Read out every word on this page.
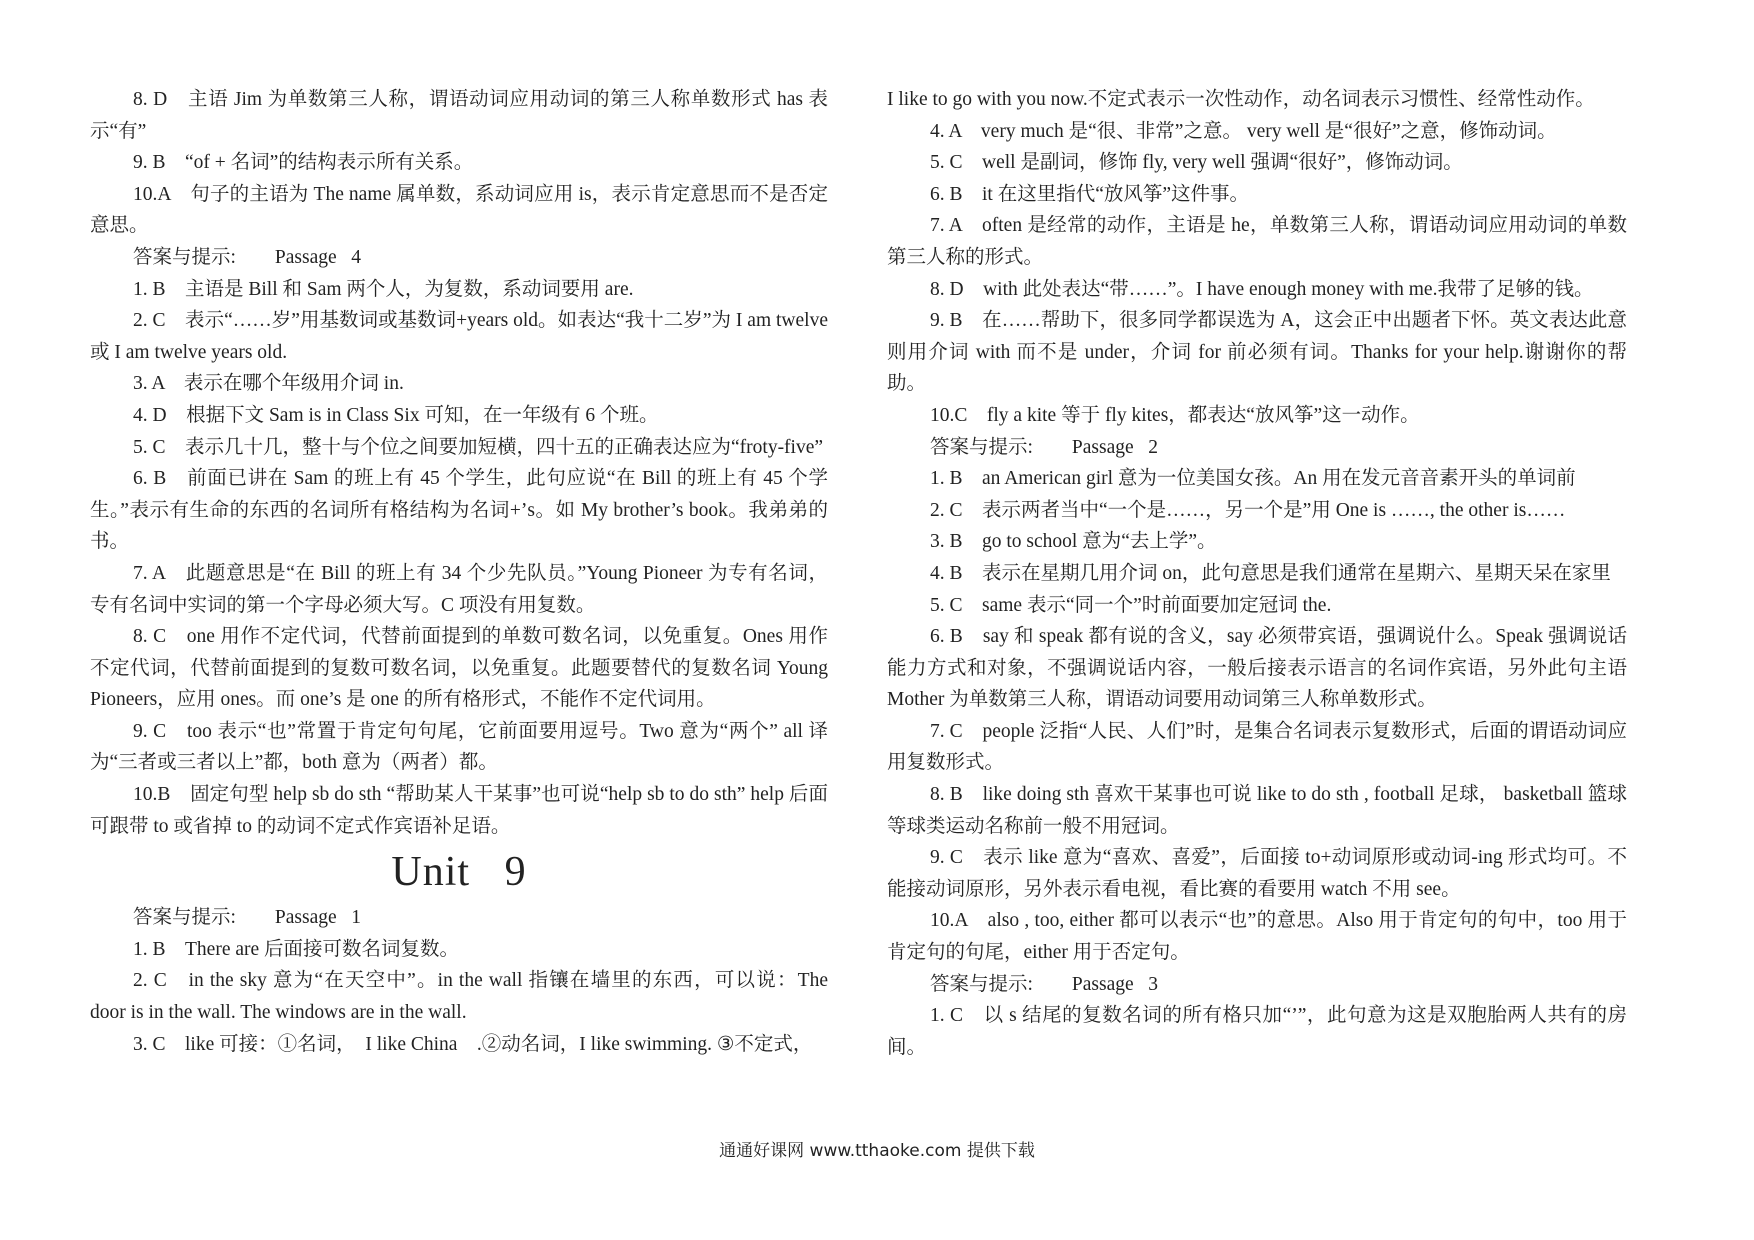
8. D　主语 Jim 为单数第三人称，谓语动词应用动词的第三人称单数形式 has 表示“有”

9. B　“of + 名词”的结构表示所有关系。

10.A　句子的主语为 The name 属单数，系动词应用 is，表示肯定意思而不是否定意思。

答案与提示:        Passage   4

1. B　主语是 Bill 和 Sam 两个人，为复数，系动词要用 are.

2. C　表示“……岁”用基数词或基数词+years old。如表达“我十二岁”为 I am twelve 或 I am twelve years old.

3. A　表示在哪个年级用介词 in.

4. D　根据下文 Sam is in Class Six 可知，在一年级有 6 个班。

5. C　表示几十几，整十与个位之间要加短横，四十五的正确表达应为“froty-five”

6. B　前面已讲在 Sam 的班上有 45 个学生，此句应说“在 Bill 的班上有 45 个学生。”表示有生命的东西的名词所有格结构为名词+’s。如 My brother’s book。我弟弟的书。

7. A　此题意思是“在 Bill 的班上有 34 个少先队员。”Young Pioneer 为专有名词，专有名词中实词的第一个字母必须大写。C 项没有用复数。

8. C　one 用作不定代词，代替前面提到的单数可数名词，以免重复。Ones 用作不定代词，代替前面提到的复数可数名词，以免重复。此题要替代的复数名词 Young Pioneers，应用 ones。而 one’s 是 one 的所有格形式，不能作不定代词用。

9. C　too 表示“也”常置于肯定句句尾，它前面要用逗号。Two 意为“两个” all 译为“三者或三者以上”都，both 意为（两者）都。

10.B　固定句型 help sb do sth “帮助某人干某事”也可说“help sb to do sth” help 后面可跟带 to 或省掉 to 的动词不定式作宾语补足语。

Unit   9
答案与提示:        Passage   1

1. B　There are 后面接可数名词复数。

2. C　in the sky 意为“在天空中”。in the wall 指镶在墙里的东西，可以说：The door is in the wall. The windows are in the wall.

3. C　like 可接：①名词，　I like China　.②动名词，I like swimming. ③不定式，

I like to go with you now.不定式表示一次性动作，动名词表示习惯性、经常性动作。

4. A　very much 是“很、非常”之意。 very well 是“很好”之意，修饰动词。

5. C　well 是副词，修饰 fly, very well 强调“很好”，修饰动词。

6. B　it 在这里指代“放风筝”这件事。

7. A　often 是经常的动作，主语是 he，单数第三人称，谓语动词应用动词的单数第三人称的形式。

8. D　with 此处表达“带……”。I have enough money with me.我带了足够的钱。

9. B　在……帮助下，很多同学都误选为 A，这会正中出题者下怀。英文表达此意则用介词 with 而不是 under，介词 for 前必须有词。Thanks for your help.谢谢你的帮助。

10.C　fly a kite 等于 fly kites，都表达“放风筝”这一动作。

答案与提示:        Passage   2

1. B　an American girl 意为一位美国女孩。An 用在发元音音素开头的单词前

2. C　表示两者当中“一个是……，另一个是”用 One is ……, the other is……

3. B　go to school 意为“去上学”。

4. B　表示在星期几用介词 on，此句意思是我们通常在星期六、星期天呆在家里

5. C　same 表示“同一个”时前面要加定冠词 the.

6. B　say 和 speak 都有说的含义，say 必须带宾语，强调说什么。Speak 强调说话能力方式和对象，不强调说话内容，一般后接表示语言的名词作宾语，另外此句主语 Mother 为单数第三人称，谓语动词要用动词第三人称单数形式。

7. C　people 泛指“人民、人们”时，是集合名词表示复数形式，后面的谓语动词应用复数形式。

8. B　like doing sth 喜欢干某事也可说 like to do sth , football 足球， basketball 篮球等球类运动名称前一般不用冠词。

9. C　表示 like 意为“喜欢、喜爱”，后面接 to+动词原形或动词-ing 形式均可。不能接动词原形，另外表示看电视，看比赛的看要用 watch 不用 see。

10.A　also , too, either 都可以表示“也”的意思。Also 用于肯定句的句中，too 用于肯定句的句尾，either 用于否定句。

答案与提示:        Passage   3

1. C　以 s 结尾的复数名词的所有格只加“’”，此句意为这是双胞胎两人共有的房间。

通通好课网 www.tthaoke.com 提供下载
